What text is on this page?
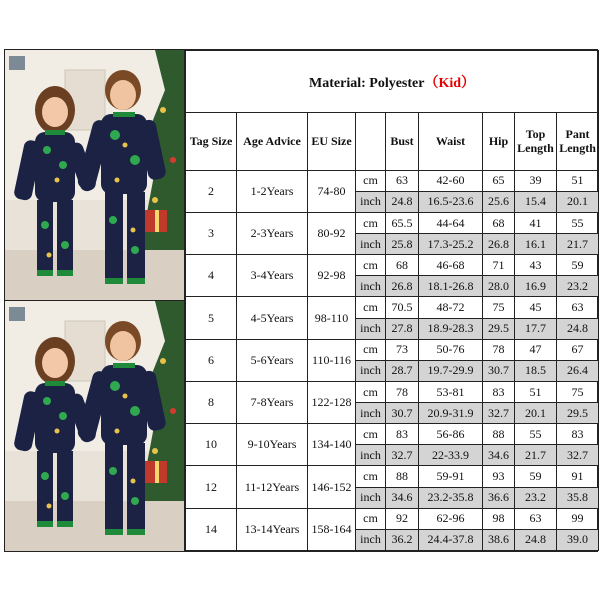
Material: Polyester（Kid）								
Tag Size	Age Advice	EU Size		Bust	Waist	Hip	Top Length	Pant Length
2	1-2Years	74-80	cm	63	42-60	65	39	51
			inch	24.8	16.5-23.6	25.6	15.4	20.1
3	2-3Years	80-92	cm	65.5	44-64	68	41	55
			inch	25.8	17.3-25.2	26.8	16.1	21.7
4	3-4Years	92-98	cm	68	46-68	71	43	59
			inch	26.8	18.1-26.8	28.0	16.9	23.2
5	4-5Years	98-110	cm	70.5	48-72	75	45	63
			inch	27.8	18.9-28.3	29.5	17.7	24.8
6	5-6Years	110-116	cm	73	50-76	78	47	67
			inch	28.7	19.7-29.9	30.7	18.5	26.4
8	7-8Years	122-128	cm	78	53-81	83	51	75
			inch	30.7	20.9-31.9	32.7	20.1	29.5
10	9-10Years	134-140	cm	83	56-86	88	55	83
			inch	32.7	22-33.9	34.6	21.7	32.7
12	11-12Years	146-152	cm	88	59-91	93	59	91
			inch	34.6	23.2-35.8	36.6	23.2	35.8
14	13-14Years	158-164	cm	92	62-96	98	63	99
			inch	36.2	24.4-37.8	38.6	24.8	39.0
